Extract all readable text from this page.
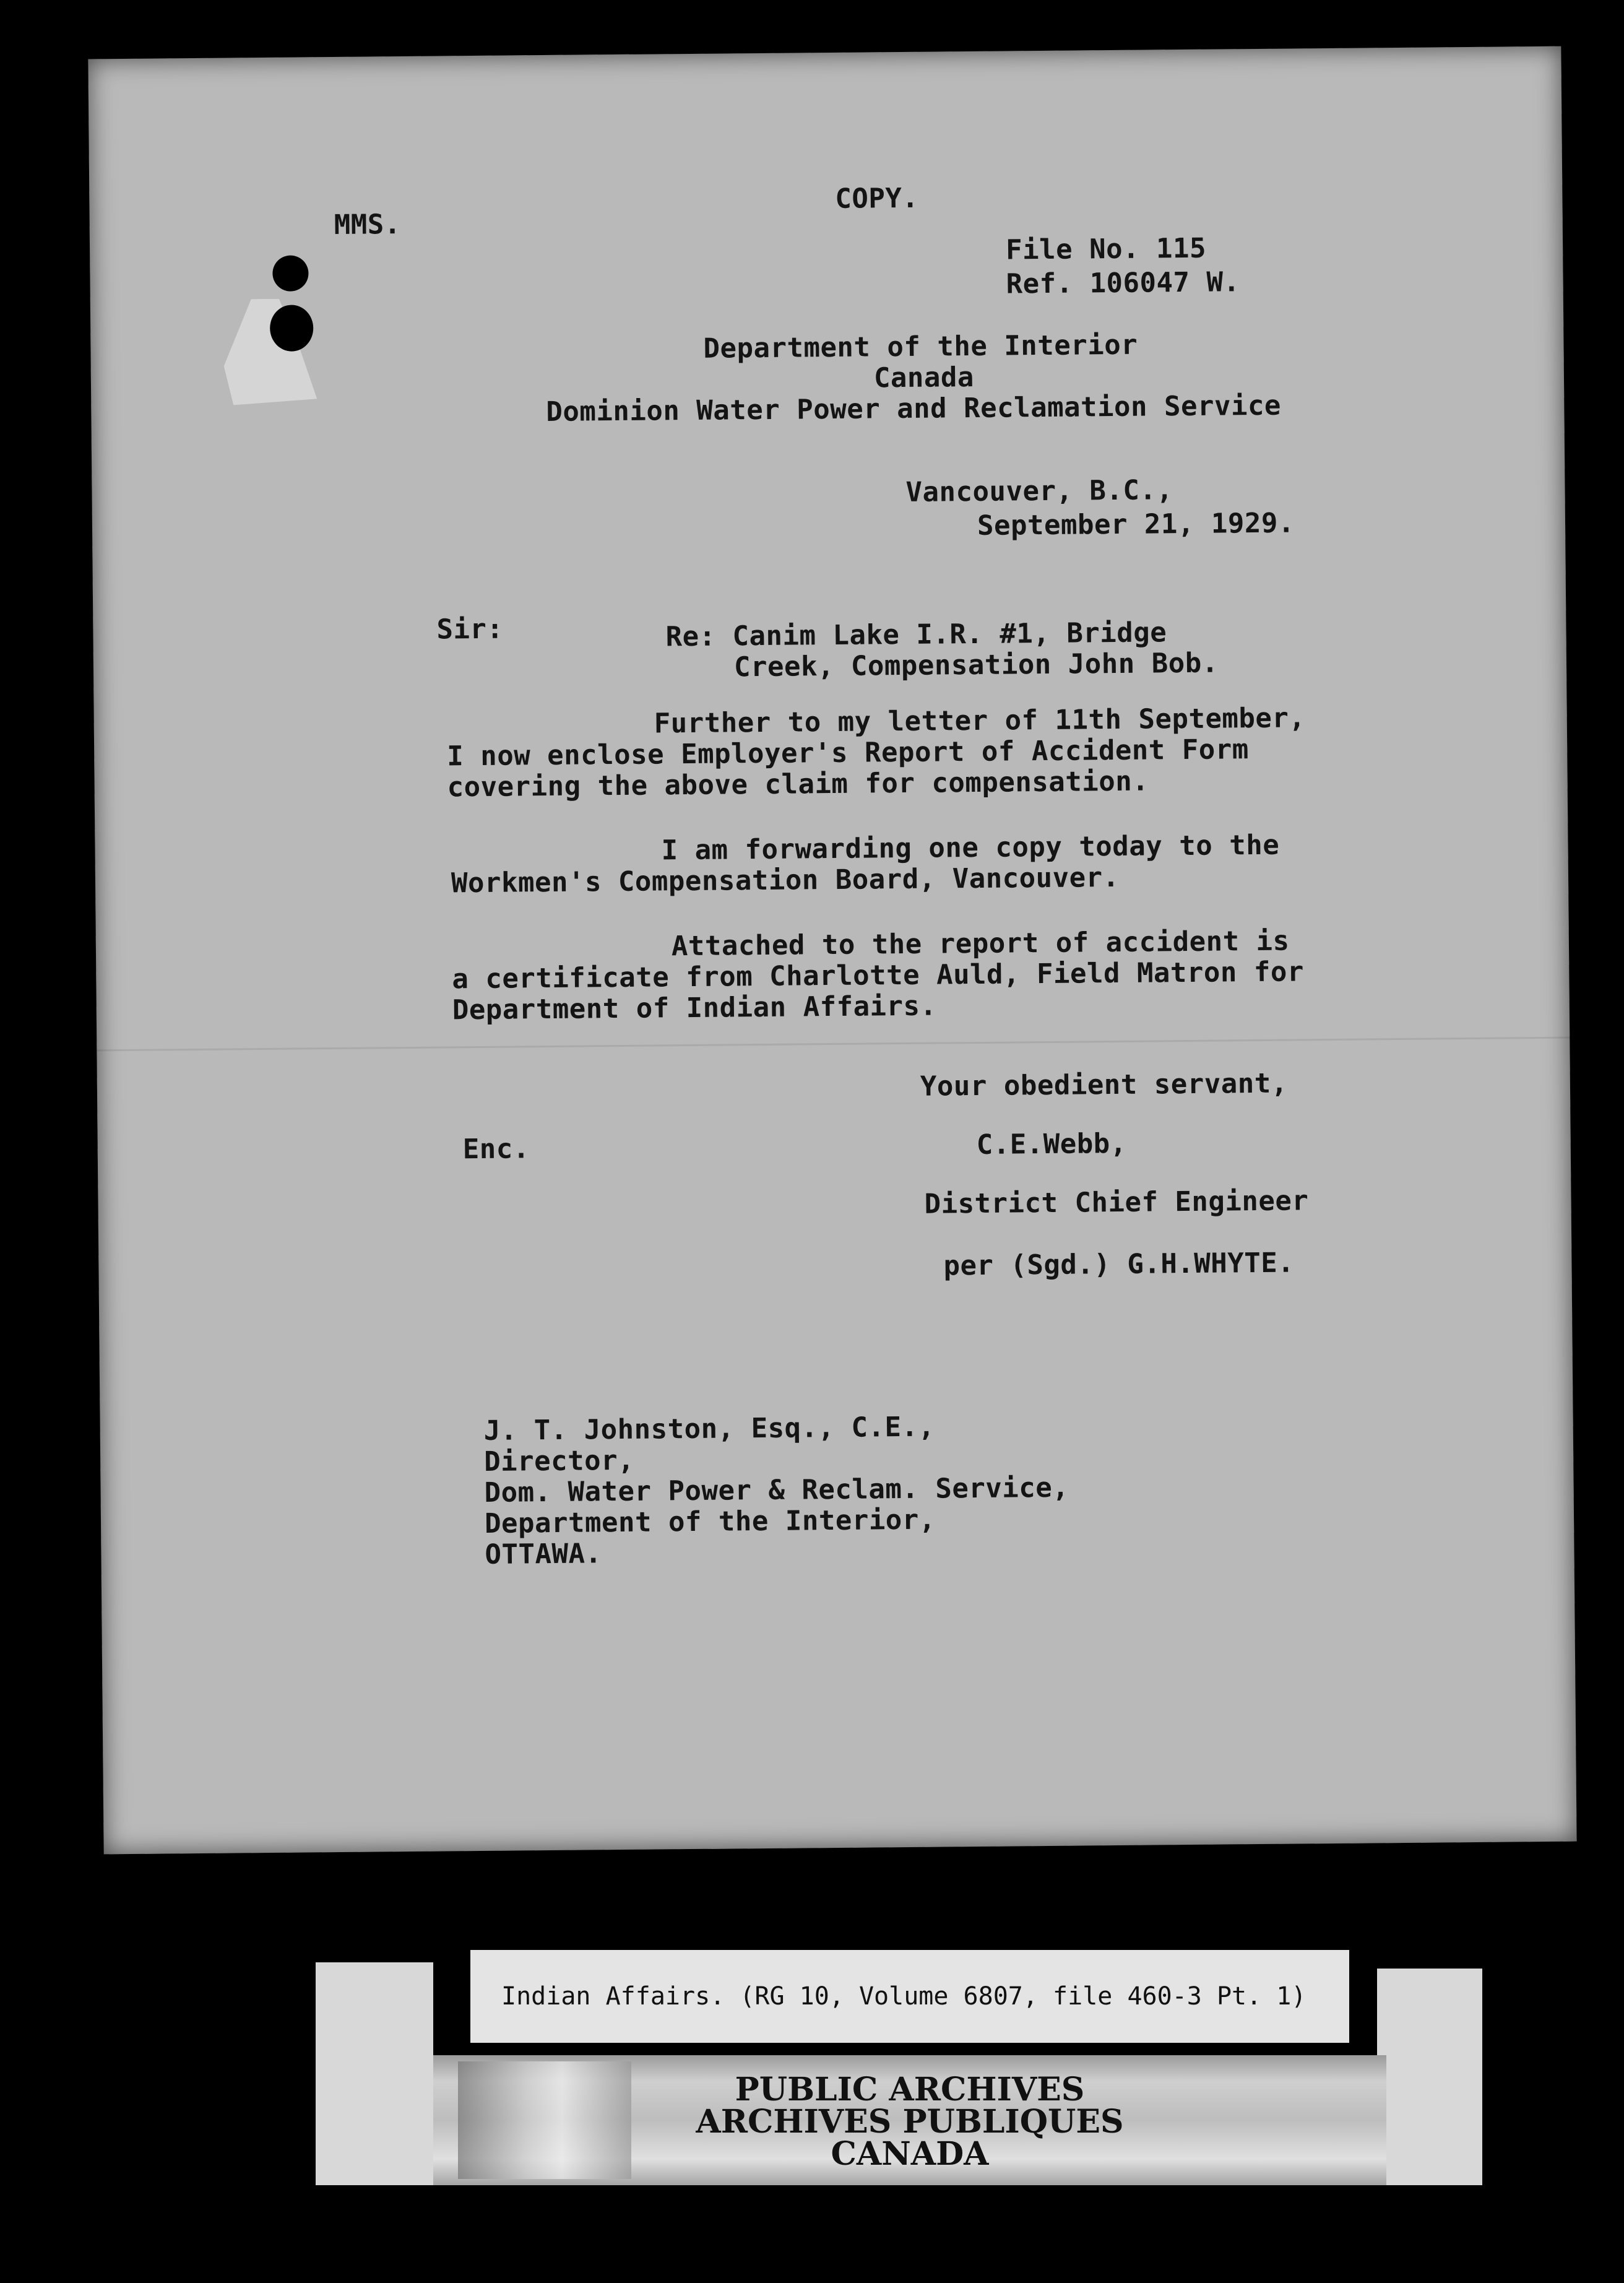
MMS.
COPY.
File No. 115
Ref. 106047 W.
Department of the Interior
Canada
Dominion Water Power and Reclamation Service
Vancouver, B.C.,
September 21, 1929.
Sir:	Re: Canim Lake I.R. #1, Bridge
Creek, Compensation John Bob.
Further to my letter of 11th September,
I now enclose Employer's Report of Accident Form
covering the above claim for compensation.
I am forwarding one copy today to the
Workmen's Compensation Board, Vancouver.
Attached to the report of accident is
a certificate from Charlotte Auld, Field Matron for
Department of Indian Affairs.
Your obedient servant,
Enc.	C.E.Webb,
District Chief Engineer
per (Sgd.) G.H.WHYTE.
J. T. Johnston, Esq., C.E.,
Director,
Dom. Water Power & Reclam. Service,
Department of the Interior,
OTTAWA.
Indian Affairs. (RG 10, Volume 6807, file 460-3 Pt. 1)
PUBLIC ARCHIVES
ARCHIVES PUBLIQUES
CANADA
